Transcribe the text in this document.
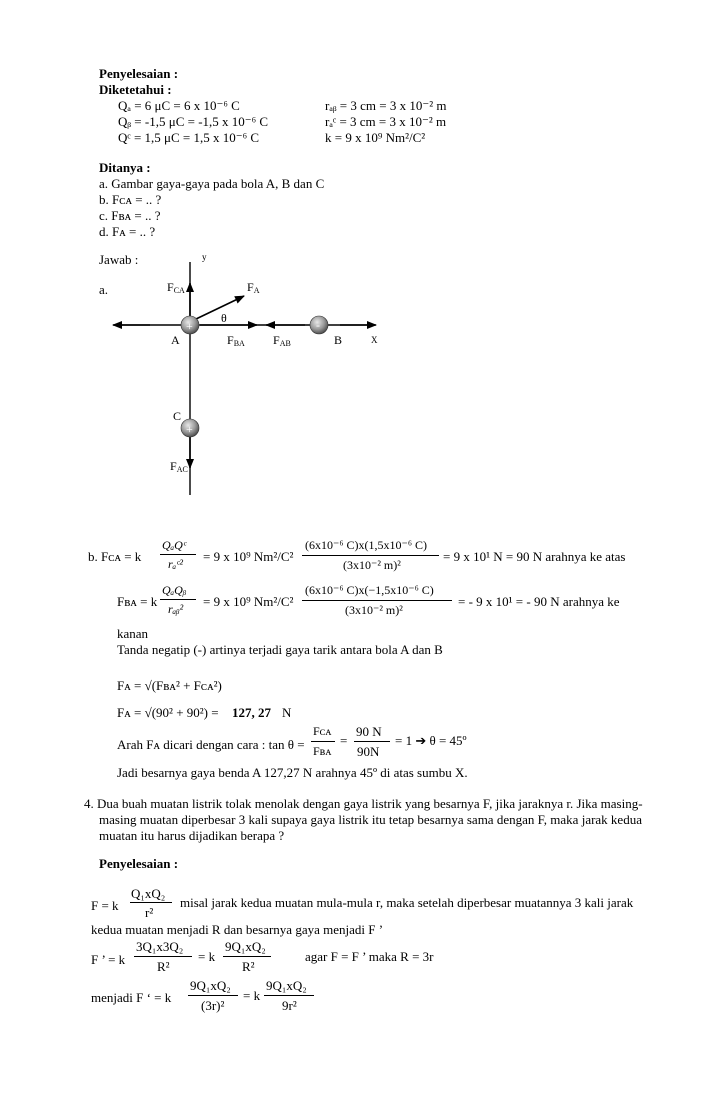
Penyelesaian :
Diketetahui :
Qₐ = 6 μC = 6 x 10⁻⁶ C
Qᵦ = -1,5 μC = -1,5 x 10⁻⁶ C
Qᶜ = 1,5 μC = 1,5 x 10⁻⁶ C
rₐᵦ = 3 cm = 3 x 10⁻² m
rₐᶜ = 3 cm = 3 x 10⁻² m
k = 9 x 10⁹ Nm²/C²
Ditanya :
a. Gambar gaya-gaya pada bola A, B dan C
b. Fᴄᴀ = .. ?
c. Fʙᴀ = .. ?
d. Fᴀ = .. ?
Jawab :
a.
+	-
+
y
X
FCA	FA
θ
A	FBA FAB	B
C
FAC
b. Fᴄᴀ = k
QₐQᶜ
rₐᶜ² = 9 x 10⁹ Nm²/C²
(6x10⁻⁶ C)x(1,5x10⁻⁶ C)
(3x10⁻² m)²
= 9 x 10¹ N = 90 N arahnya ke atas
Fʙᴀ = k
QₐQᵦ
rₐᵦ² = 9 x 10⁹ Nm²/C²
(6x10⁻⁶ C)x(−1,5x10⁻⁶ C)
(3x10⁻² m)²
= - 9 x 10¹ = - 90 N arahnya ke
kanan
Tanda negatip (-) artinya terjadi gaya tarik antara bola A dan B
Fᴀ = √(Fʙᴀ² + Fᴄᴀ²)
Fᴀ = √(90² + 90²) = 127, 27 N
Arah Fᴀ dicari dengan cara : tan θ =
Fᴄᴀ
Fʙᴀ
=
90 N
90N
= 1 ➔ θ = 45º
Jadi besarnya gaya benda A 127,27 N arahnya 45º di atas sumbu X.
4. Dua buah muatan listrik tolak menolak dengan gaya listrik yang besarnya F, jika jaraknya r. Jika masing-
masing muatan diperbesar 3 kali supaya gaya listrik itu tetap besarnya sama dengan F, maka jarak kedua
muatan itu harus dijadikan berapa ?
Penyelesaian :
F = k
Q₁xQ₂
r²
misal jarak kedua muatan mula-mula r, maka setelah diperbesar muatannya 3 kali jarak
kedua muatan menjadi R dan besarnya gaya menjadi F ’
F ’ = k
3Q₁x3Q₂
R²
= k
9Q₁xQ₂
R²
agar F = F ’ maka R = 3r
menjadi F ‘ = k
9Q₁xQ₂
(3r)²
= k
9Q₁xQ₂
9r²
